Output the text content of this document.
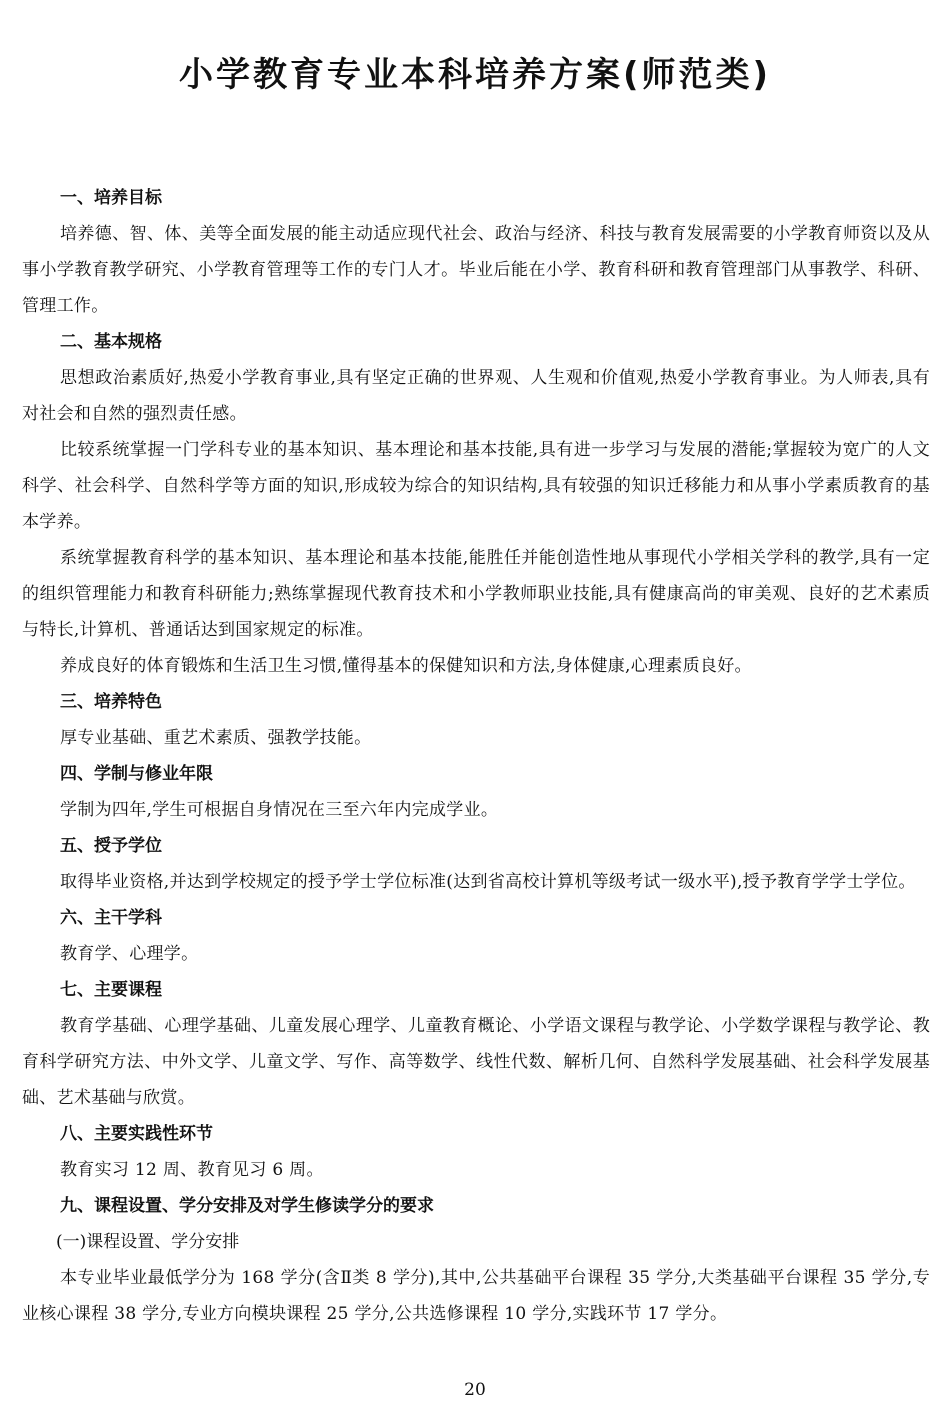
小学教育专业本科培养方案(师范类)
一、培养目标

培养德、智、体、美等全面发展的能主动适应现代社会、政治与经济、科技与教育发展需要的小学教育师资以及从事小学教育教学研究、小学教育管理等工作的专门人才。毕业后能在小学、教育科研和教育管理部门从事教学、科研、管理工作。

二、基本规格

思想政治素质好,热爱小学教育事业,具有坚定正确的世界观、人生观和价值观,热爱小学教育事业。为人师表,具有对社会和自然的强烈责任感。

比较系统掌握一门学科专业的基本知识、基本理论和基本技能,具有进一步学习与发展的潜能;掌握较为宽广的人文科学、社会科学、自然科学等方面的知识,形成较为综合的知识结构,具有较强的知识迁移能力和从事小学素质教育的基本学养。

系统掌握教育科学的基本知识、基本理论和基本技能,能胜任并能创造性地从事现代小学相关学科的教学,具有一定的组织管理能力和教育科研能力;熟练掌握现代教育技术和小学教师职业技能,具有健康高尚的审美观、良好的艺术素质与特长,计算机、普通话达到国家规定的标准。

养成良好的体育锻炼和生活卫生习惯,懂得基本的保健知识和方法,身体健康,心理素质良好。

三、培养特色

厚专业基础、重艺术素质、强教学技能。

四、学制与修业年限

学制为四年,学生可根据自身情况在三至六年内完成学业。

五、授予学位

取得毕业资格,并达到学校规定的授予学士学位标准(达到省高校计算机等级考试一级水平),授予教育学学士学位。

六、主干学科

教育学、心理学。

七、主要课程

教育学基础、心理学基础、儿童发展心理学、儿童教育概论、小学语文课程与教学论、小学数学课程与教学论、教育科学研究方法、中外文学、儿童文学、写作、高等数学、线性代数、解析几何、自然科学发展基础、社会科学发展基础、艺术基础与欣赏。

八、主要实践性环节

教育实习 12 周、教育见习 6 周。

九、课程设置、学分安排及对学生修读学分的要求
(一)课程设置、学分安排

本专业毕业最低学分为 168 学分(含Ⅱ类 8 学分),其中,公共基础平台课程 35 学分,大类基础平台课程 35 学分,专业核心课程 38 学分,专业方向模块课程 25 学分,公共选修课程 10 学分,实践环节 17 学分。

20
